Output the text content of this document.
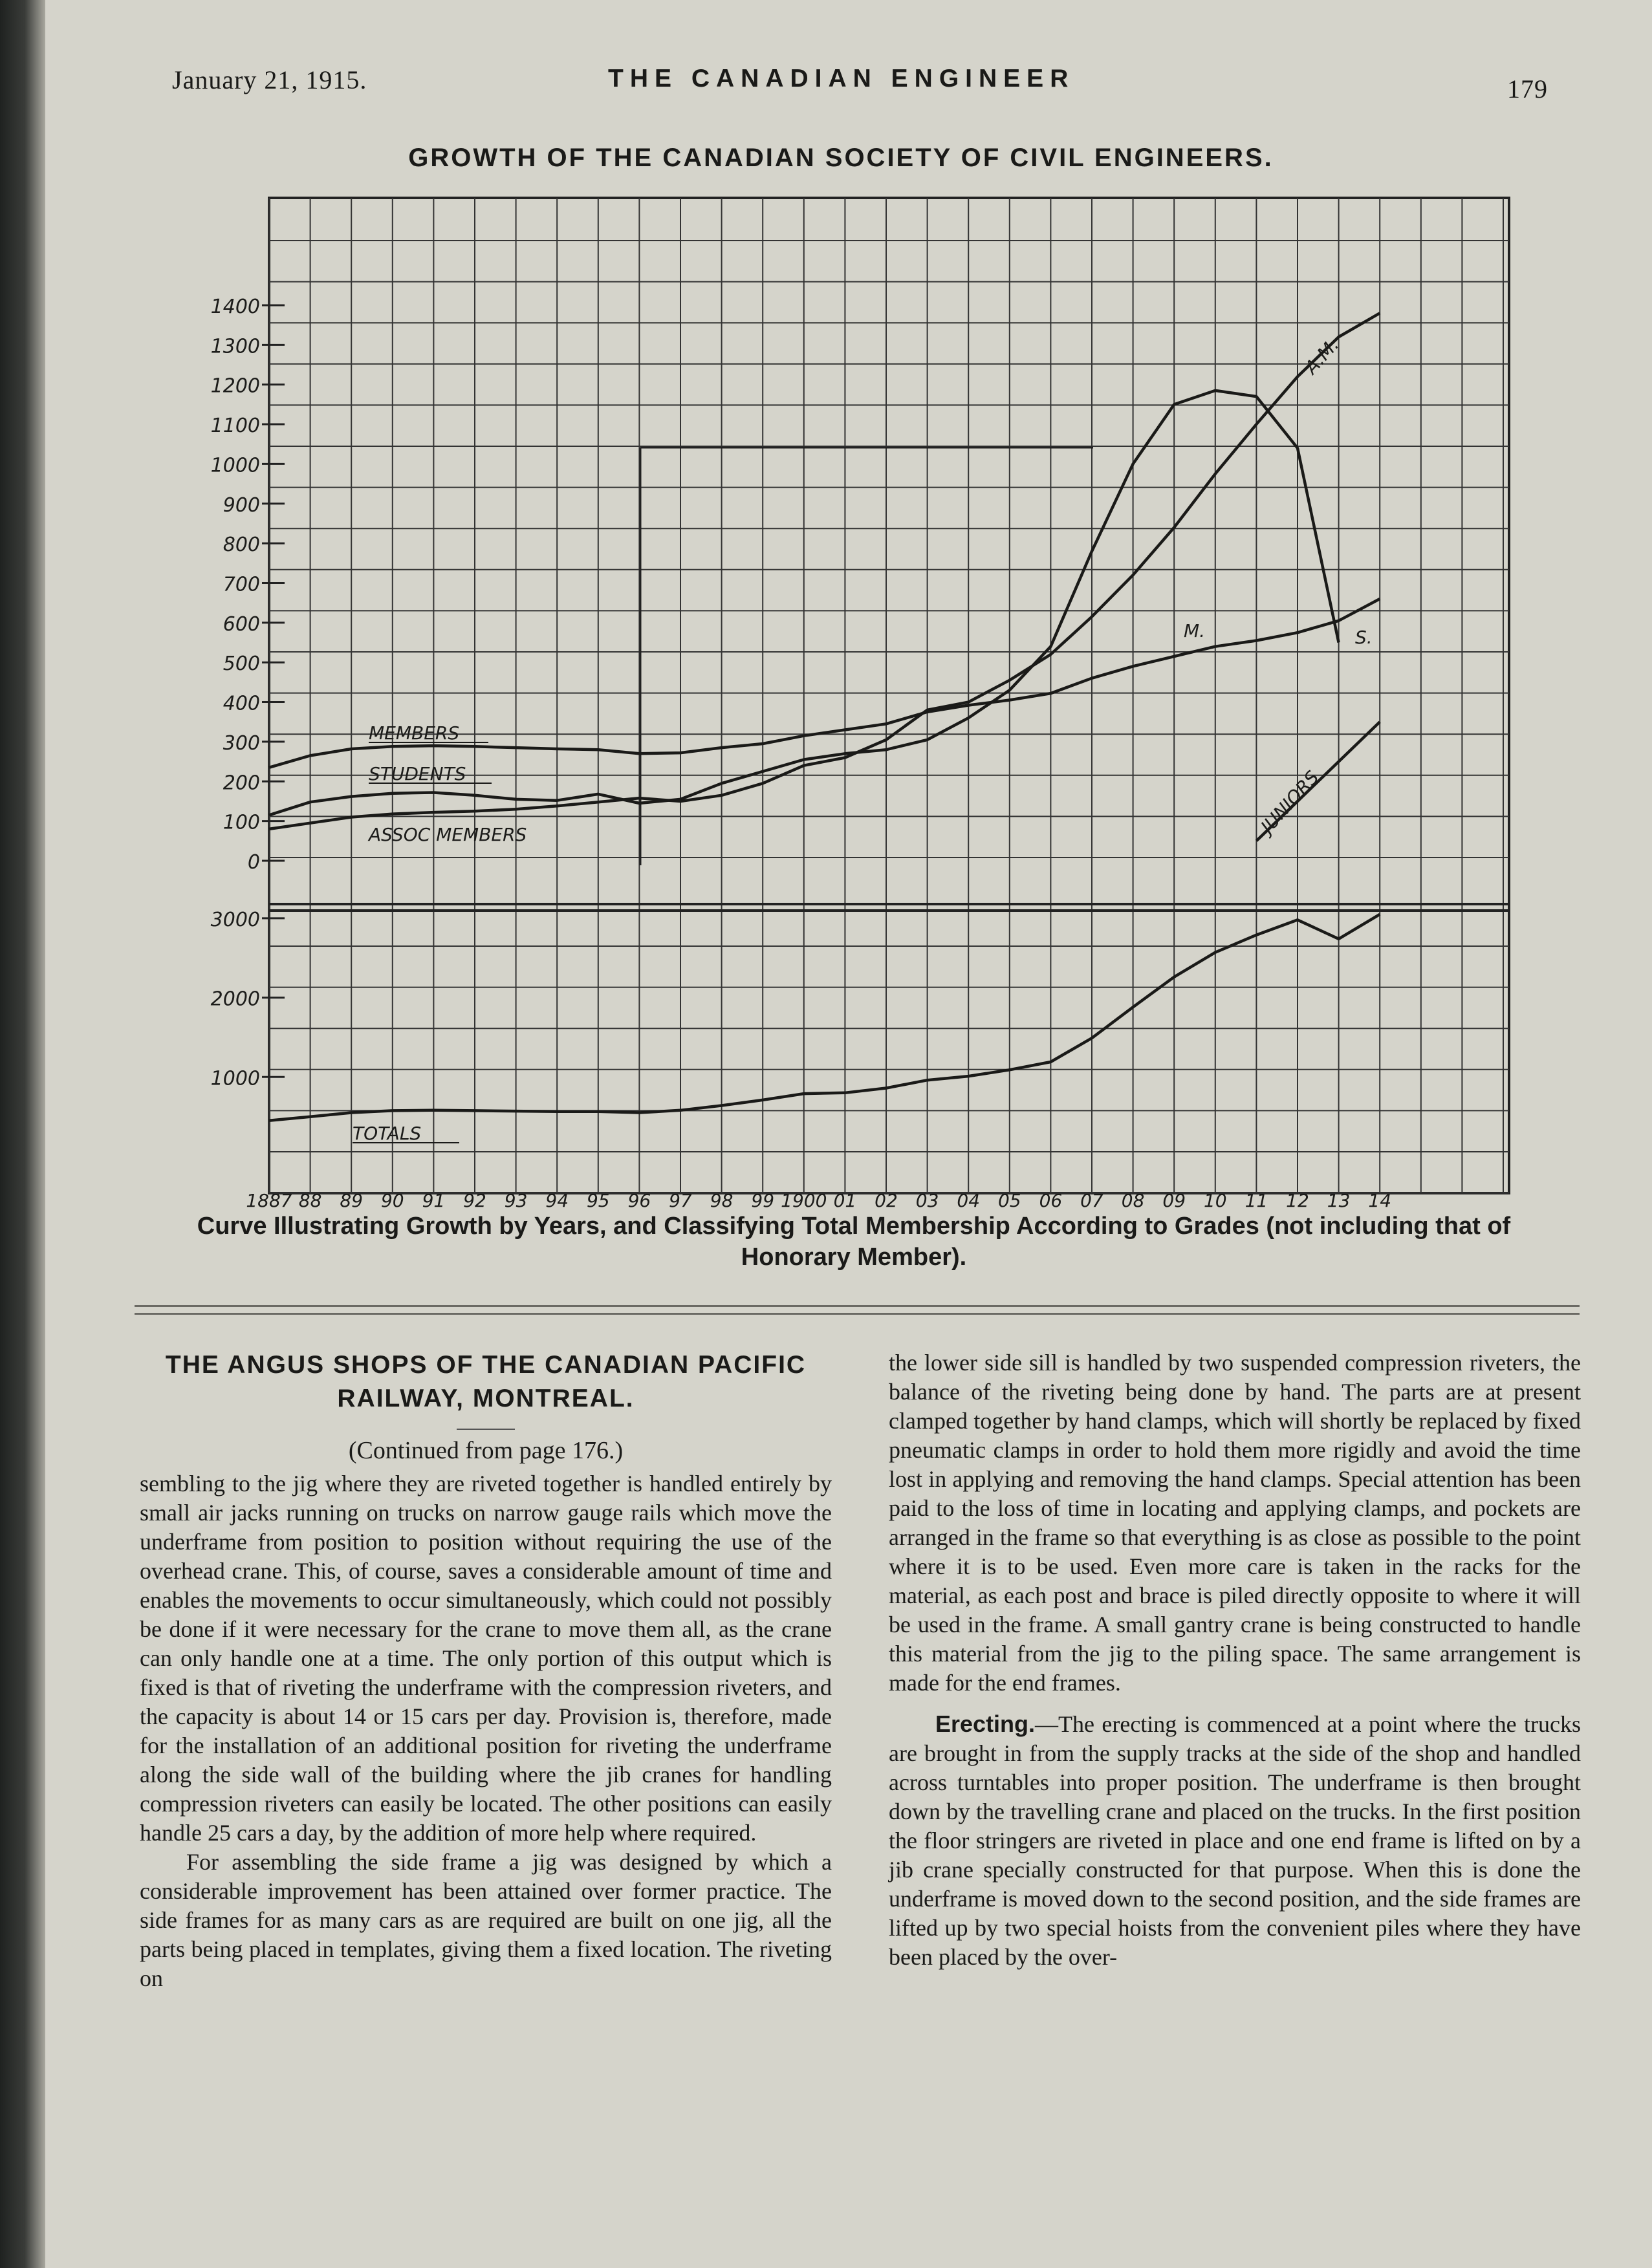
January 21, 1915.	THE CANADIAN ENGINEER	179

GROWTH OF THE CANADIAN SOCIETY OF CIVIL ENGINEERS.
0
100
200
300
400
500
600
700
800
900
1000
1100
1200
1300
1400
1000
2000
3000
1887 88 89 90 91 92 93 94 95 96 97 98 99 1900 01 02 03 04 05 06 07 08 09 10 11 12 13 14
MEMBERS
STUDENTS
ASSOC MEMBERS	JUNIORS
A.M.
M.	S.
TOTALS

Curve Illustrating Growth by Years, and Classifying Total Membership According to Grades (not including that of Honorary Member).

THE ANGUS SHOPS OF THE CANADIAN PACIFIC RAILWAY, MONTREAL.
(Continued from page 176.)

sembling to the jig where they are riveted together is handled entirely by small air jacks running on trucks on narrow gauge rails which move the underframe from position to position without requiring the use of the overhead crane. This, of course, saves a considerable amount of time and enables the movements to occur simultaneously, which could not possibly be done if it were necessary for the crane to move them all, as the crane can only handle one at a time. The only portion of this output which is fixed is that of riveting the underframe with the compression riveters, and the capacity is about 14 or 15 cars per day. Provision is, therefore, made for the installation of an additional position for riveting the underframe along the side wall of the building where the jib cranes for handling compression riveters can easily be located. The other positions can easily handle 25 cars a day, by the addition of more help where required.

For assembling the side frame a jig was designed by which a considerable improvement has been attained over former practice. The side frames for as many cars as are required are built on one jig, all the parts being placed in templates, giving them a fixed location. The riveting on

the lower side sill is handled by two suspended compression riveters, the balance of the riveting being done by hand. The parts are at present clamped together by hand clamps, which will shortly be replaced by fixed pneumatic clamps in order to hold them more rigidly and avoid the time lost in applying and removing the hand clamps. Special attention has been paid to the loss of time in locating and applying clamps, and pockets are arranged in the frame so that everything is as close as possible to the point where it is to be used. Even more care is taken in the racks for the material, as each post and brace is piled directly opposite to where it will be used in the frame. A small gantry crane is being constructed to handle this material from the jig to the piling space. The same arrangement is made for the end frames.

Erecting.—The erecting is commenced at a point where the trucks are brought in from the supply tracks at the side of the shop and handled across turntables into proper position. The underframe is then brought down by the travelling crane and placed on the trucks. In the first position the floor stringers are riveted in place and one end frame is lifted on by a jib crane specially constructed for that purpose. When this is done the underframe is moved down to the second position, and the side frames are lifted up by two special hoists from the convenient piles where they have been placed by the over-
